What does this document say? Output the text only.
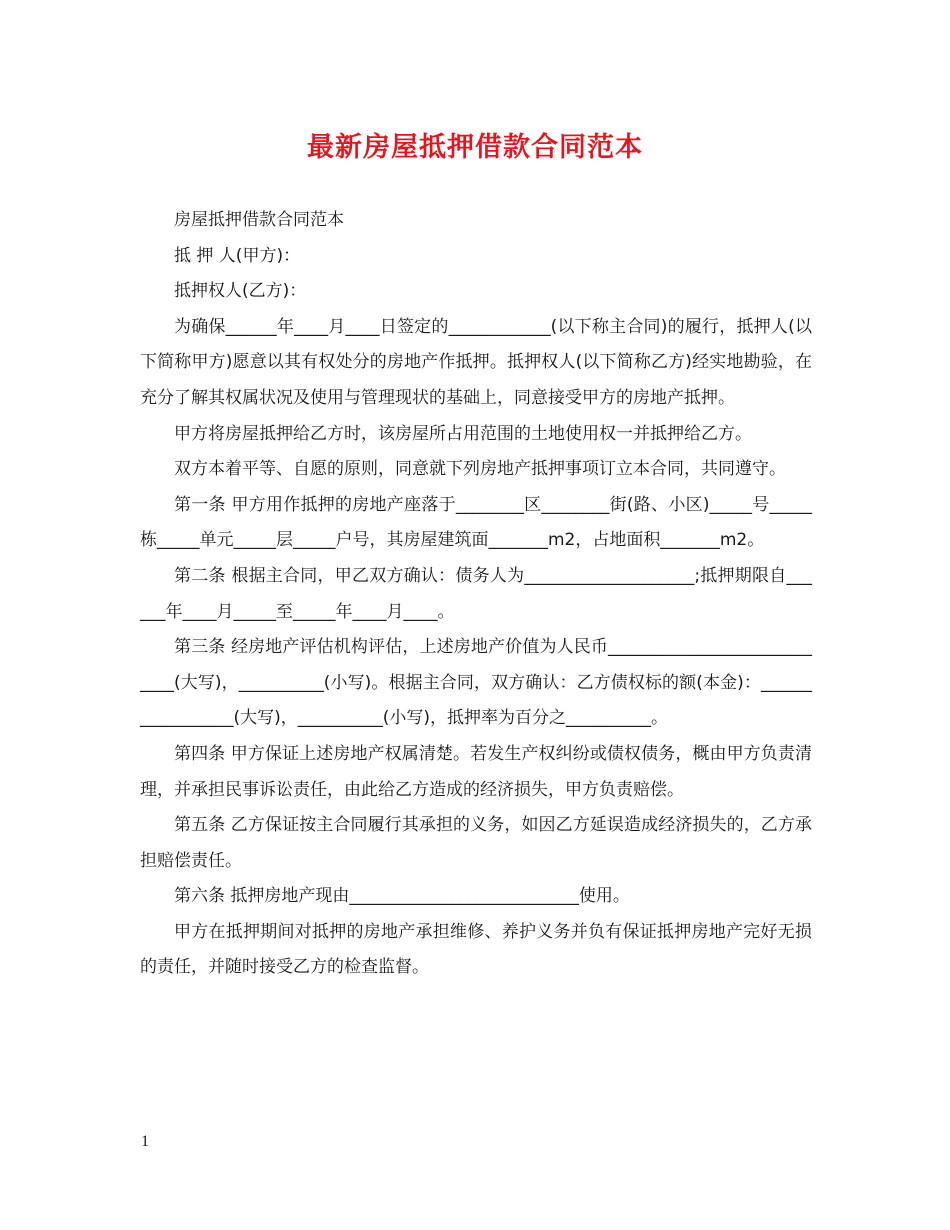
最新房屋抵押借款合同范本

房屋抵押借款合同范本

抵 押 人(甲方)：

抵押权人(乙方)：

为确保______年____月____日签定的____________(以下称主合同)的履行，抵押人(以下简称甲方)愿意以其有权处分的房地产作抵押。抵押权人(以下简称乙方)经实地勘验，在充分了解其权属状况及使用与管理现状的基础上，同意接受甲方的房地产抵押。

甲方将房屋抵押给乙方时，该房屋所占用范围的土地使用权一并抵押给乙方。

双方本着平等、自愿的原则，同意就下列房地产抵押事项订立本合同，共同遵守。

第一条 甲方用作抵押的房地产座落于________区________街(路、小区)_____号_____栋_____单元_____层_____户号，其房屋建筑面_______m2，占地面积_______m2。

第二条 根据主合同，甲乙双方确认：债务人为____________________;抵押期限自______年____月_____至_____年____月____。

第三条 经房地产评估机构评估，上述房地产价值为人民币____________________________(大写)，__________(小写)。根据主合同，双方确认：乙方债权标的额(本金)：_________________(大写)，__________(小写)，抵押率为百分之__________。

第四条 甲方保证上述房地产权属清楚。若发生产权纠纷或债权债务，概由甲方负责清理，并承担民事诉讼责任，由此给乙方造成的经济损失，甲方负责赔偿。

第五条 乙方保证按主合同履行其承担的义务，如因乙方延误造成经济损失的，乙方承担赔偿责任。

第六条 抵押房地产现由___________________________使用。

甲方在抵押期间对抵押的房地产承担维修、养护义务并负有保证抵押房地产完好无损的责任，并随时接受乙方的检查监督。

1
